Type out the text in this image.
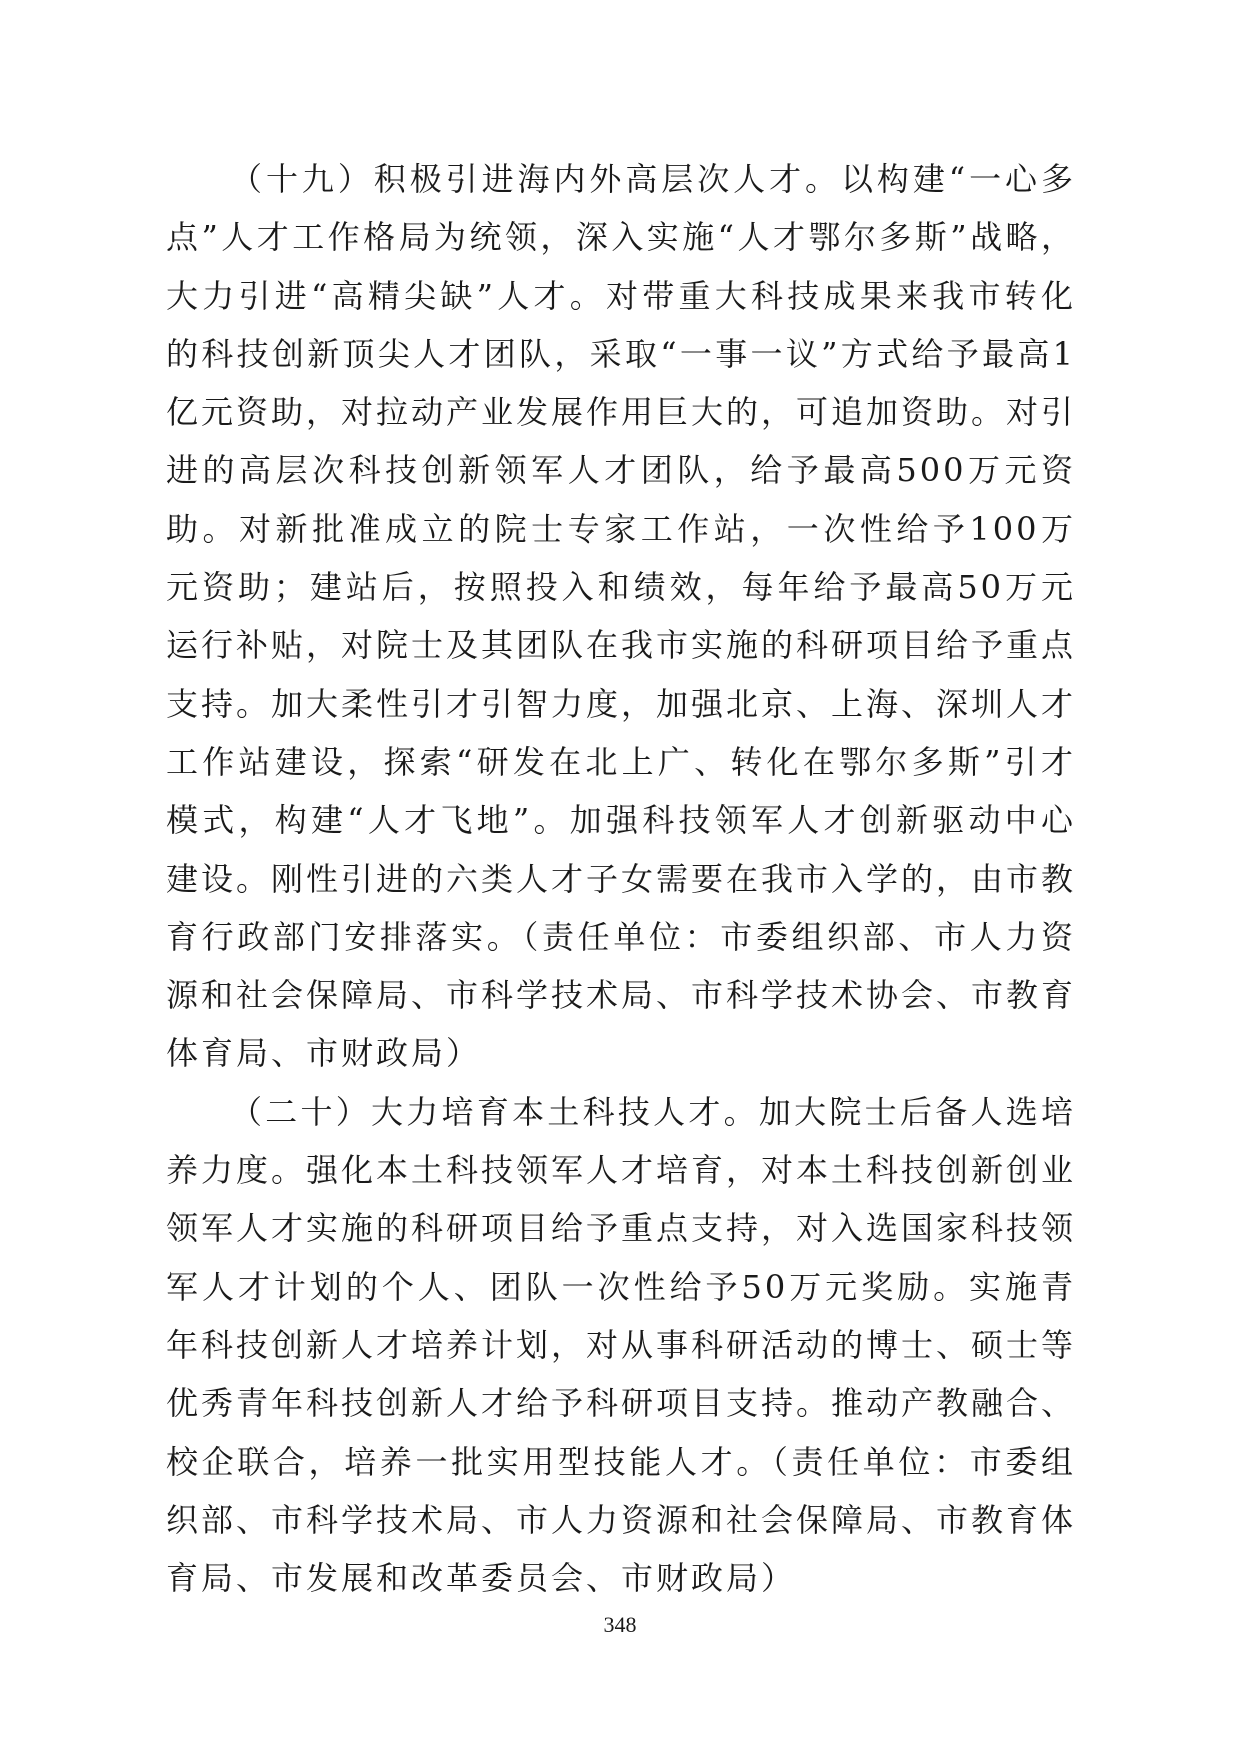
（十九）积极引进海内外高层次人才。以构建“一心多点”人才工作格局为统领，深入实施“人才鄂尔多斯”战略，大力引进“高精尖缺”人才。对带重大科技成果来我市转化的科技创新顶尖人才团队，采取“一事一议”方式给予最高1亿元资助，对拉动产业发展作用巨大的，可追加资助。对引进的高层次科技创新领军人才团队，给予最高500万元资助。对新批准成立的院士专家工作站，一次性给予100万元资助；建站后，按照投入和绩效，每年给予最高50万元运行补贴，对院士及其团队在我市实施的科研项目给予重点支持。加大柔性引才引智力度，加强北京、上海、深圳人才工作站建设，探索“研发在北上广、转化在鄂尔多斯”引才模式，构建“人才飞地”。加强科技领军人才创新驱动中心建设。刚性引进的六类人才子女需要在我市入学的，由市教育行政部门安排落实。（责任单位：市委组织部、市人力资源和社会保障局、市科学技术局、市科学技术协会、市教育体育局、市财政局）

（二十）大力培育本土科技人才。加大院士后备人选培养力度。强化本土科技领军人才培育，对本土科技创新创业领军人才实施的科研项目给予重点支持，对入选国家科技领军人才计划的个人、团队一次性给予50万元奖励。实施青年科技创新人才培养计划，对从事科研活动的博士、硕士等优秀青年科技创新人才给予科研项目支持。推动产教融合、校企联合，培养一批实用型技能人才。（责任单位：市委组织部、市科学技术局、市人力资源和社会保障局、市教育体育局、市发展和改革委员会、市财政局）

348
